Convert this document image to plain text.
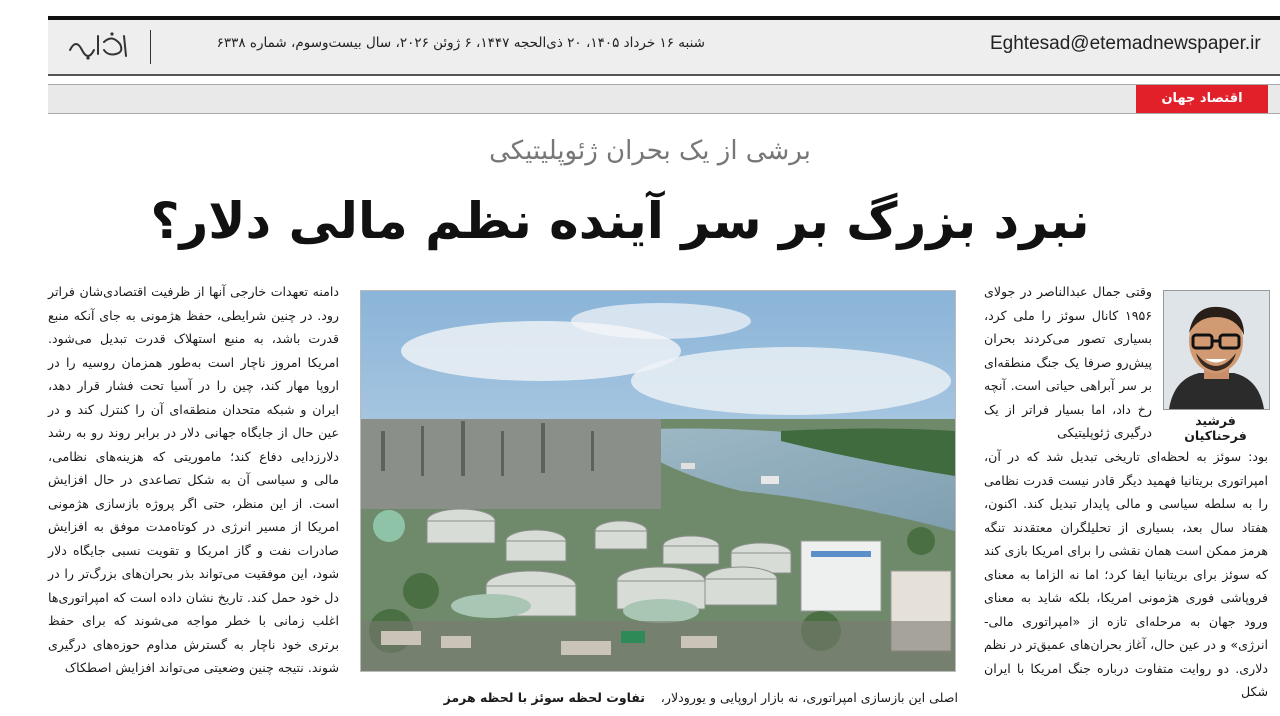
Eghtesad@etemadnewspaper.ir
شنبه ۱۶ خرداد ۱۴۰۵، ۲۰ ذی‌الحجه ۱۴۴۷، ۶ ژوئن ۲۰۲۶، سال بیست‌و‌سوم، شماره ۶۳۳۸
اقتصاد جهان
برشی از یک بحران ژئوپلیتیکی
نبرد بزرگ بر سر آینده نظم مالی دلار؟

دامنه تعهدات خارجی آنها از ظرفیت اقتصادی‌شان فراتر رود. در چنین شرایطی، حفظ هژمونی به جای آنکه منبع قدرت باشد، به منبع استهلاک قدرت تبدیل می‌شود. امریکا امروز ناچار است به‌طور همزمان روسیه را در اروپا مهار کند، چین را در آسیا تحت فشار قرار دهد، ایران و شبکه متحدان منطقه‌ای آن را کنترل کند و در عین حال از جایگاه جهانی دلار در برابر روند رو به رشد دلارزدایی دفاع کند؛ ماموریتی که هزینه‌های نظامی، مالی و سیاسی آن به شکل تصاعدی در حال افزایش است. از این منظر، حتی اگر پروژه بازسازی هژمونی امریکا از مسیر انرژی در کوتاه‌مدت موفق به افزایش صادرات نفت و گاز امریکا و تقویت نسبی جایگاه دلار شود، این موفقیت می‌تواند بذر بحران‌های بزرگ‌تر را در دل خود حمل کند. تاریخ نشان داده است که امپراتوری‌ها اغلب زمانی با خطر مواجه می‌شوند که برای حفظ برتری خود ناچار به گسترش مداوم حوزه‌های درگیری شوند. نتیجه چنین وضعیتی می‌تواند افزایش اصطکاک

وقتی جمال عبدالناصر در جولای ۱۹۵۶ کانال سوئز را ملی کرد، بسیاری تصور می‌کردند بحران پیش‌رو صرفا یک جنگ منطقه‌ای بر سر آبراهی حیاتی است. آنچه رخ داد، اما بسیار فراتر از یک درگیری ژئوپلیتیکی

بود: سوئز به لحظه‌ای تاریخی تبدیل شد که در آن، امپراتوری بریتانیا فهمید دیگر قادر نیست قدرت نظامی را به سلطه سیاسی و مالی پایدار تبدیل کند. اکنون، هفتاد سال بعد، بسیاری از تحلیلگران معتقدند تنگه هرمز ممکن است همان نقشی را برای امریکا بازی کند که سوئز برای بریتانیا ایفا کرد؛ اما نه الزاما به معنای فروپاشی فوری هژمونی امریکا، بلکه شاید به معنای ورود جهان به مرحله‌ای تازه از «امپراتوری مالی-انرژی» و در عین حال، آغاز بحران‌های عمیق‌تر در نظم دلاری. دو روایت متفاوت درباره جنگ امریکا با ایران شکل

فرشید فرحناکیان
تفاوت لحظه سوئز با لحظه هرمز	اصلی این بازسازی امپراتوری، نه بازار اروپایی و یورودلار،
